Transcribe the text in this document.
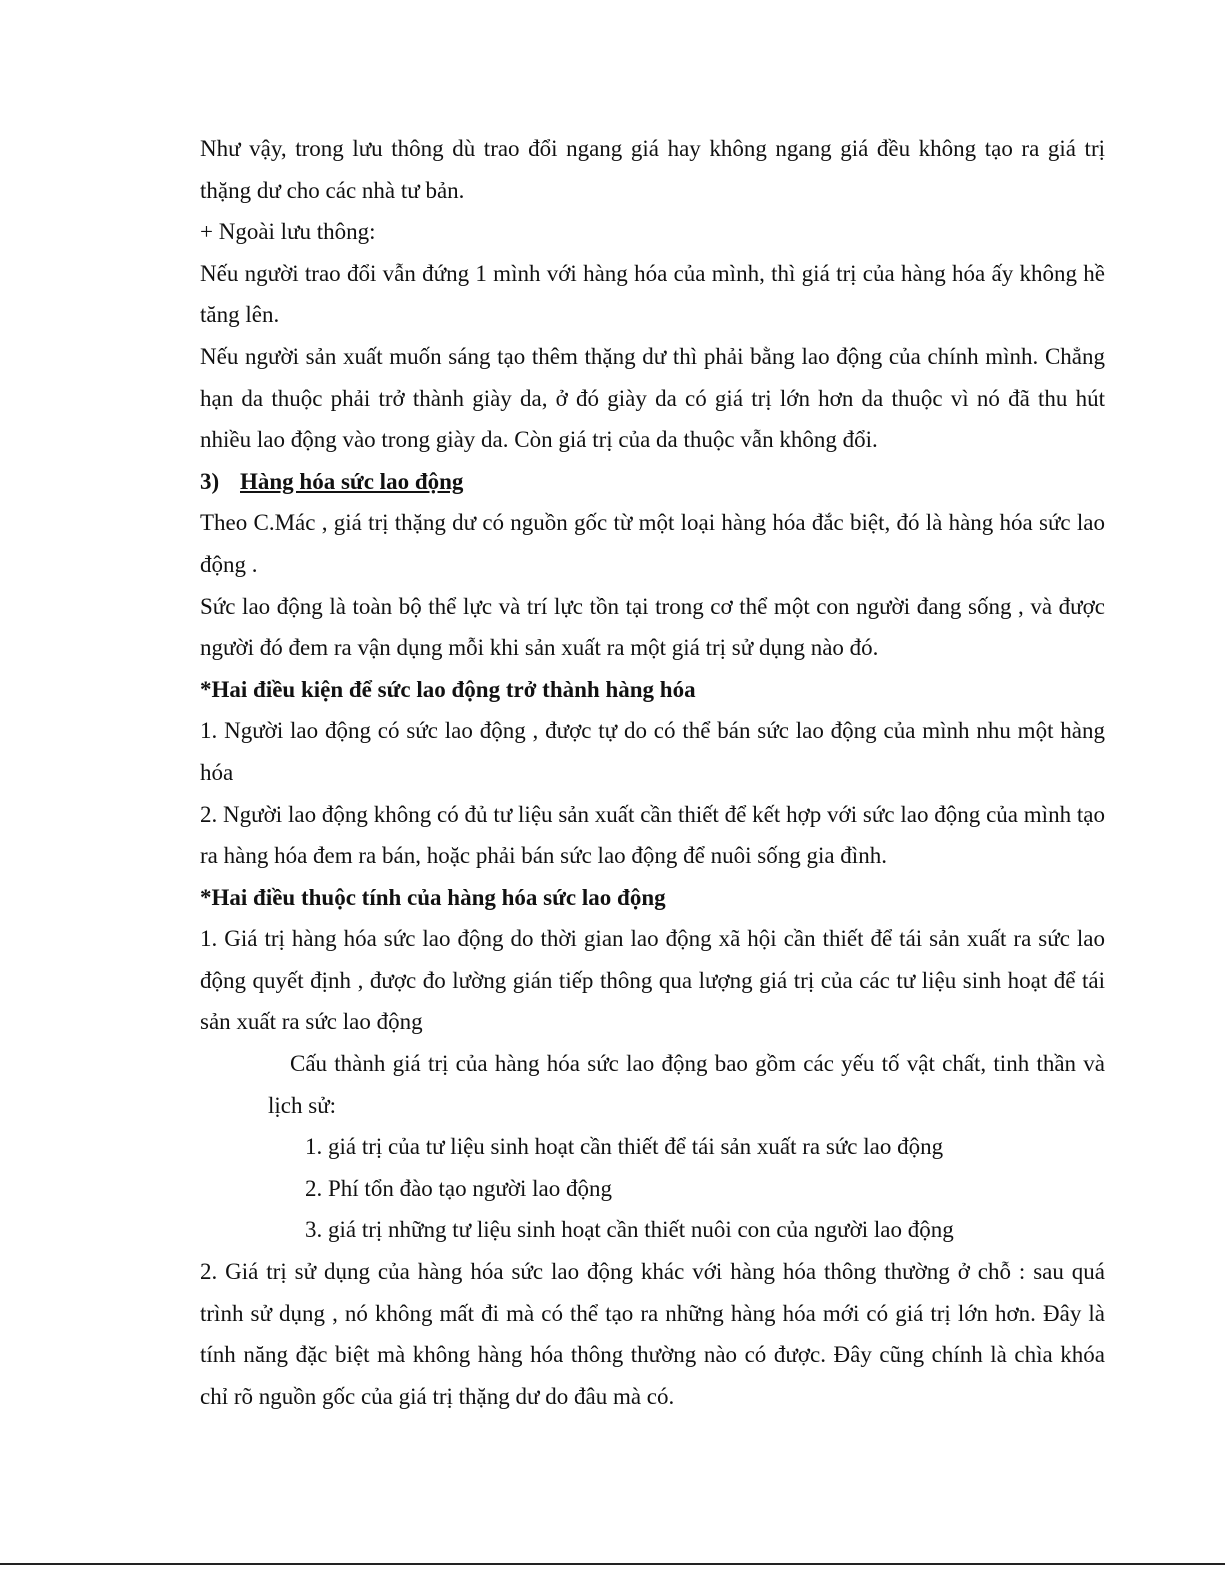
Như vậy, trong lưu thông dù trao đổi ngang giá hay không ngang giá đều không tạo ra giá trị thặng dư cho các nhà tư bản.

+ Ngoài lưu thông:

Nếu người trao đổi vẫn đứng 1 mình với hàng hóa của mình, thì giá trị của hàng hóa ấy không hề tăng lên.

Nếu người sản xuất muốn sáng tạo thêm thặng dư thì phải bằng lao động của chính mình. Chẳng hạn da thuộc phải trở thành giày da, ở đó giày da có giá trị lớn hơn da thuộc vì nó đã thu hút nhiều lao động vào trong giày da. Còn giá trị của da thuộc vẫn không đổi.

3) Hàng hóa sức lao động

Theo C.Mác , giá trị thặng dư có nguồn gốc từ một loại hàng hóa đắc biệt, đó là hàng hóa sức lao động .

Sức lao động là toàn bộ thể lực và trí lực tồn tại trong cơ thể một con người đang sống , và được người đó đem ra vận dụng mỗi khi sản xuất ra một giá trị sử dụng nào đó.

*Hai điều kiện để sức lao động trở thành hàng hóa

1. Người lao động có sức lao động , được tự do có thể bán sức lao động của mình nhu một hàng hóa

2. Người lao động không có đủ tư liệu sản xuất cần thiết để kết hợp với sức lao động của mình tạo ra hàng hóa đem ra bán, hoặc phải bán sức lao động để nuôi sống gia đình.

*Hai điều thuộc tính của hàng hóa sức lao động

1. Giá trị hàng hóa sức lao động do thời gian lao động xã hội cần thiết để tái sản xuất ra sức lao động quyết định , được đo lường gián tiếp thông qua lượng giá trị của các tư liệu sinh hoạt để tái sản xuất ra sức lao động

Cấu thành giá trị của hàng hóa sức lao động bao gồm các yếu tố vật chất, tinh thần và lịch sử:

1. giá trị của tư liệu sinh hoạt cần thiết để tái sản xuất ra sức lao động
2. Phí tổn đào tạo người lao động
3. giá trị những tư liệu sinh hoạt cần thiết nuôi con của người lao động

2. Giá trị sử dụng của hàng hóa sức lao động khác với hàng hóa thông thường ở chỗ : sau quá trình sử dụng , nó không mất đi mà có thể tạo ra những hàng hóa mới có giá trị lớn hơn. Đây là tính năng đặc biệt mà không hàng hóa thông thường nào có được. Đây cũng chính là chìa khóa chỉ rõ nguồn gốc của giá trị thặng dư do đâu mà có.
